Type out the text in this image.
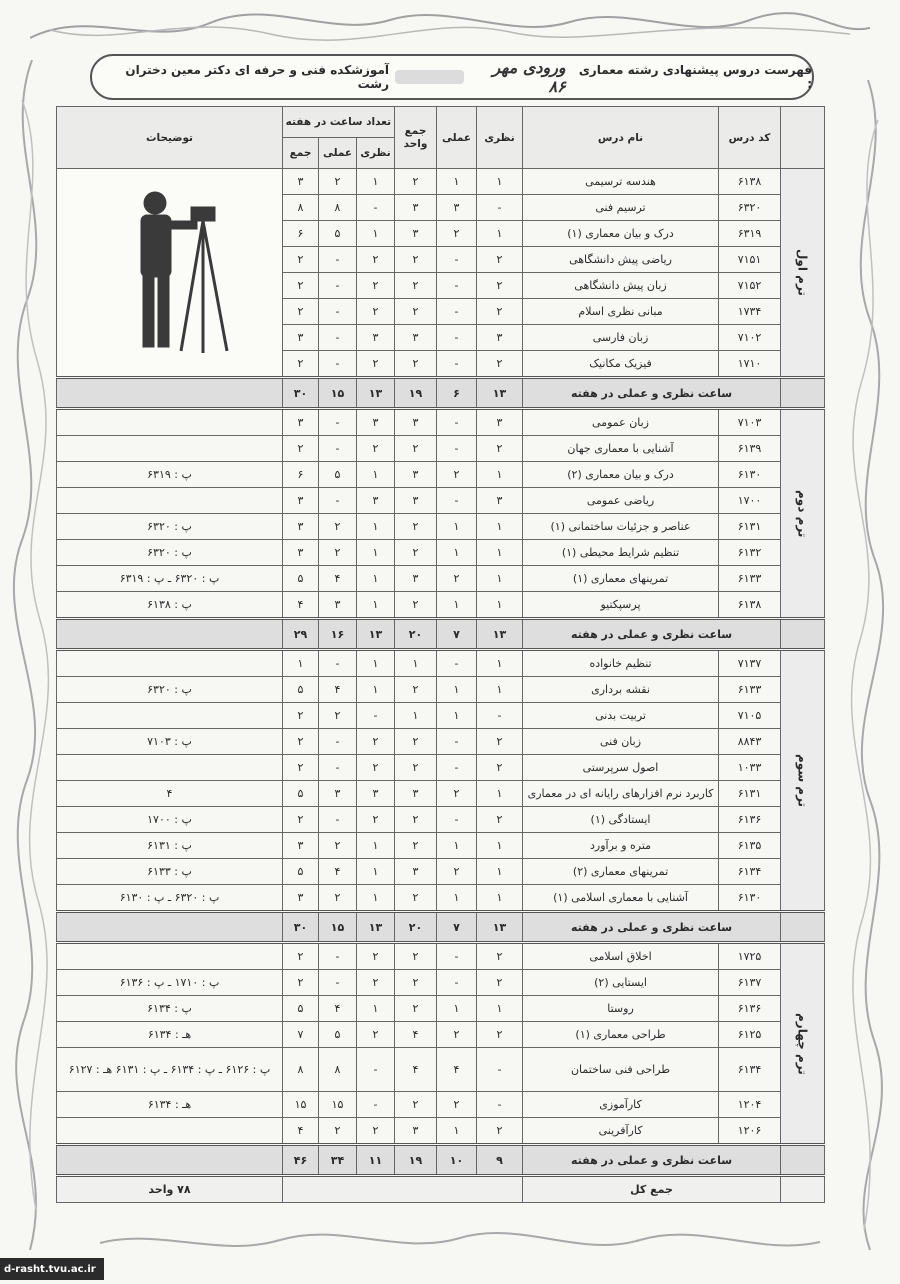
فهرست دروس پیشنهادی رشته معماری :
ورودی مهر ۸۶
آموزشکده فنی و حرفه ای دکتر معین دختران رشت
	کد درس	نام درس	نظری	عملی	جمع واحد	تعداد ساعت در هفته			توضیحات
						نظری	عملی	جمع	

ترم اول	۶۱۳۸	هندسه ترسیمی	۱	۱	۲	۱	۲	۳	
	۶۳۲۰	ترسیم فنی	-	۳	۳	-	۸	۸	
	۶۳۱۹	درک و بیان معماری (۱)	۱	۲	۳	۱	۵	۶	
	۷۱۵۱	ریاضی پیش دانشگاهی	۲	-	۲	۲	-	۲	
	۷۱۵۲	زبان پیش دانشگاهی	۲	-	۲	۲	-	۲	
	۱۷۳۴	مبانی نظری اسلام	۲	-	۲	۲	-	۲	
	۷۱۰۲	زبان فارسی	۳	-	۳	۳	-	۳	
	۱۷۱۰	فیزیک مکانیک	۲	-	۲	۲	-	۲	
	ساعت نظری و عملی در هفته		۱۳	۶	۱۹	۱۳	۱۵	۳۰	

ترم دوم	۷۱۰۳	زبان عمومی	۳	-	۳	۳	-	۳	
	۶۱۳۹	آشنایی با معماری جهان	۲	-	۲	۲	-	۲	
	۶۱۳۰	درک و بیان معماری (۲)	۱	۲	۳	۱	۵	۶	پ : ۶۳۱۹
	۱۷۰۰	ریاضی عمومی	۳	-	۳	۳	-	۳	
	۶۱۳۱	عناصر و جزئیات ساختمانی (۱)	۱	۱	۲	۱	۲	۳	پ : ۶۳۲۰
	۶۱۳۲	تنظیم شرایط محیطی (۱)	۱	۱	۲	۱	۲	۳	پ : ۶۳۲۰
	۶۱۳۳	تمرینهای معماری (۱)	۱	۲	۳	۱	۴	۵	پ : ۶۳۲۰ ـ پ : ۶۳۱۹
	۶۱۳۸	پرسپکتیو	۱	۱	۲	۱	۳	۴	پ : ۶۱۳۸
	ساعت نظری و عملی در هفته		۱۳	۷	۲۰	۱۳	۱۶	۲۹	

ترم سوم	۷۱۳۷	تنظیم خانواده	۱	-	۱	۱	-	۱	
	۶۱۳۳	نقشه برداری	۱	۱	۲	۱	۴	۵	پ : ۶۳۲۰
	۷۱۰۵	تربیت بدنی	-	۱	۱	-	۲	۲	
	۸۸۴۳	زبان فنی	۲	-	۲	۲	-	۲	پ : ۷۱۰۳
	۱۰۳۳	اصول سرپرستی	۲	-	۲	۲	-	۲	
	۶۱۳۱	کاربرد نرم افزارهای رایانه ای در معماری	۱	۲	۳	۳	۳	۵	۴
	۶۱۳۶	ایستادگی (۱)	۲	-	۲	۲	-	۲	پ : ۱۷۰۰
	۶۱۳۵	متره و برآورد	۱	۱	۲	۱	۲	۳	پ : ۶۱۳۱
	۶۱۳۴	تمرینهای معماری (۲)	۱	۲	۳	۱	۴	۵	پ : ۶۱۳۳
	۶۱۳۰	آشنایی با معماری اسلامی (۱)	۱	۱	۲	۱	۲	۳	پ : ۶۳۲۰ ـ پ : ۶۱۳۰
	ساعت نظری و عملی در هفته		۱۳	۷	۲۰	۱۳	۱۵	۳۰	

ترم چهارم	۱۷۲۵	اخلاق اسلامی	۲	-	۲	۲	-	۲	
	۶۱۳۷	ایستایی (۲)	۲	-	۲	۲	-	۲	پ : ۱۷۱۰ ـ پ : ۶۱۳۶
	۶۱۳۶	روستا	۱	۱	۲	۱	۴	۵	پ : ۶۱۳۴
	۶۱۲۵	طراحی معماری (۱)	۲	۲	۴	۲	۵	۷	هـ : ۶۱۳۴
	۶۱۳۴	طراحی فنی ساختمان	-	۴	۴	-	۸	۸	پ : ۶۱۲۶ ـ پ : ۶۱۳۴ ـ پ : ۶۱۳۱ هـ : ۶۱۲۷
	۱۲۰۴	کارآموزی	-	۲	۲	-	۱۵	۱۵	هـ : ۶۱۳۴
	۱۲۰۶	کارآفرینی	۲	۱	۳	۲	۲	۴	
	ساعت نظری و عملی در هفته		۹	۱۰	۱۹	۱۱	۳۴	۴۶	
	جمع کل								۷۸ واحد
d-rasht.tvu.ac.ir
